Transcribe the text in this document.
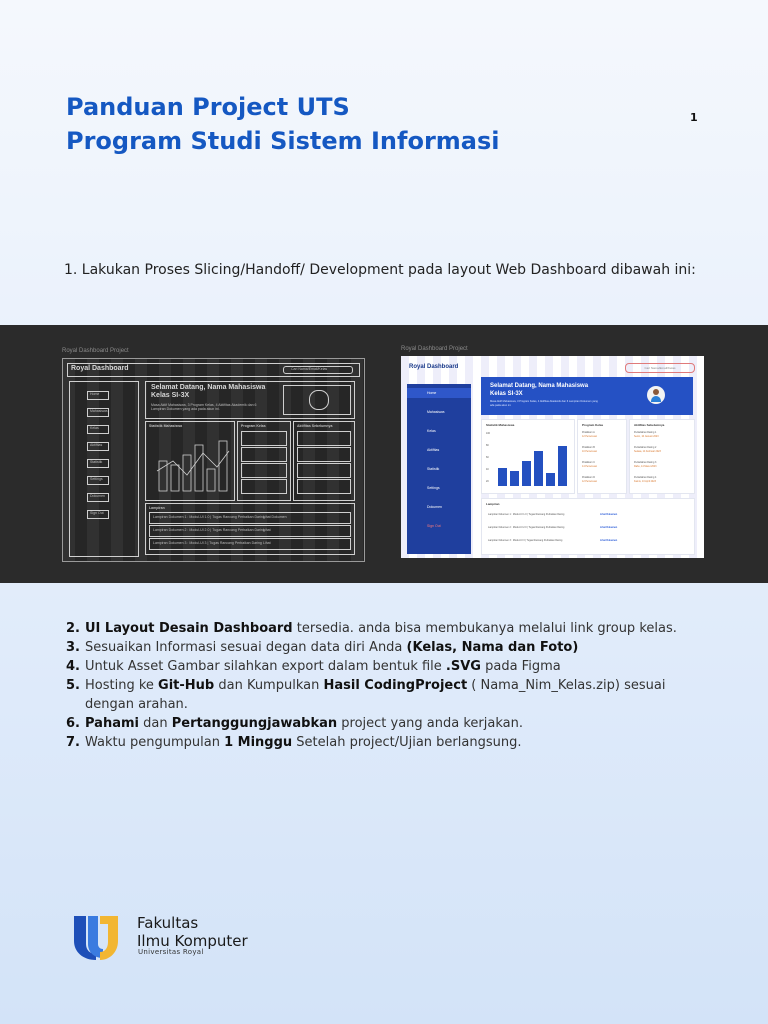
Panduan Project UTS
Program Studi Sistem Informasi
1
1. Lakukan Proses Slicing/Handoff/ Development pada layout Web Dashboard dibawah ini:
Royal Dashboard Project	Royal Dashboard Project
Royal Dashboard	Cari Nama/Email/Kelas
Home
Mahasiswa
Kelas
Aktifitas
Statistik
Settings
Dokumen
Sign Out
Selamat Datang, Nama Mahasiswa
Kelas SI-3X
Masa Aktif Mahasiswa, 3 Program Kelas, 4 Aktifitas Akademik dan 6 Lampiran Dokumen yang ada pada akun ini.
Statistik Mahasiswa	Program Kelas	Aktifitas Sebelumnya
Lampiran
Lampiran Dokumen 1 : Modul-UI 1.0 | Tugas Rancang Perbaikan Daring
Lihat Dokumen
Lampiran Dokumen 2 : Modul-UI 2.0 | Tugas Rancang Perbaikan Daring
Lihat
Lampiran Dokumen 3 : Modul-UI 3 | Tugas Rancang Perbaikan Daring Lihat
Royal Dashboard	Cari Nama/Email/Kelas
Home
Mahasiswa
Kelas
Aktifitas
Statistik
Settings
Dokumen
Sign Out
Selamat Datang, Nama Mahasiswa
Kelas SI-3X
Masa Aktif Mahasiswa, 3 Program Kelas, 4 Aktifitas Akademik dan 6 Lampiran Dokumen yang ada pada akun ini.
Statistik Mahasiswa
100
80
60
40
20
Program Kelas
Praktikum A
12 Pertemuan
Praktikum B
10 Pertemuan
Praktikum C
14 Pertemuan
Praktikum D
12 Pertemuan
Aktifitas Sebelumnya
Perkuliahan Daring 1
Senin, 10 Januari 2023
Perkuliahan Daring 2
Selasa, 14 Februari 2023
Perkuliahan Daring 3
Rabu, 14 Maret 2023
Perkuliahan Daring 4
Kamis, 13 April 2023
Lampiran
Lampiran Dokumen 1 : Modul-UI 1.0 | Tugas Rancang Perbaikan Daring	Lihat Dokumen
Lampiran Dokumen 2 : Modul-UI 2.0 | Tugas Rancang Perbaikan Daring	Lihat Dokumen
Lampiran Dokumen 3 : Modul-UI 3 | Tugas Rancang Perbaikan Daring	Lihat Dokumen
2. UI Layout Desain Dashboard tersedia. anda bisa membukanya melalui link group kelas.
3. Sesuaikan Informasi sesuai degan data diri Anda (Kelas, Nama dan Foto)
4. Untuk Asset Gambar silahkan export dalam bentuk file .SVG pada Figma
5. Hosting ke Git-Hub dan Kumpulkan Hasil CodingProject ( Nama_Nim_Kelas.zip) sesuai dengan arahan.
6. Pahami dan Pertanggungjawabkan project yang anda kerjakan.
7. Waktu pengumpulan 1 Minggu Setelah project/Ujian berlangsung.
Fakultas
Ilmu Komputer
Universitas Royal
